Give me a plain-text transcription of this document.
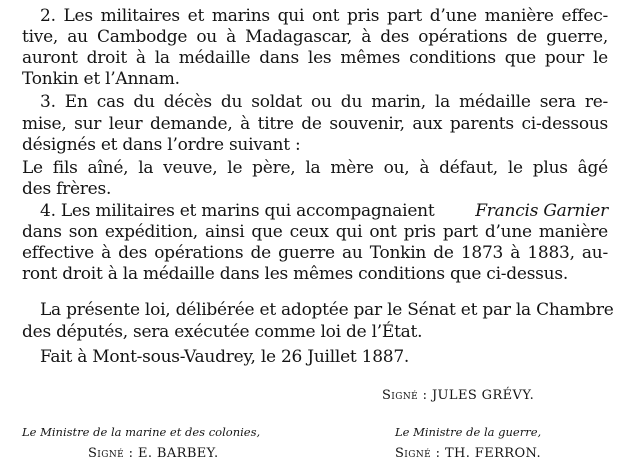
2. Les militaires et marins qui ont pris part d’une manière effec-
tive, au Cambodge ou à Madagascar, à des opérations de guerre,
auront droit à la médaille dans les mêmes conditions que pour le
Tonkin et l’Annam.
3. En cas du décès du soldat ou du marin, la médaille sera re-
mise, sur leur demande, à titre de souvenir, aux parents ci-dessous
désignés et dans l’ordre suivant :
Le fils aîné, la veuve, le père, la mère ou, à défaut, le plus âgé
des frères.
4. Les militaires et marins qui accompagnaient Francis Garnier
dans son expédition, ainsi que ceux qui ont pris part d’une manière
effective à des opérations de guerre au Tonkin de 1873 à 1883, au-
ront droit à la médaille dans les mêmes conditions que ci-dessus.
La présente loi, délibérée et adoptée par le Sénat et par la Chambre
des députés, sera exécutée comme loi de l’État.
Fait à Mont-sous-Vaudrey, le 26 Juillet 1887.
Signé : JULES GRÉVY.
Le Ministre de la marine et des colonies,
Signé : E. BARBEY.
Le Ministre de la guerre,
Signé : TH. FERRON.
